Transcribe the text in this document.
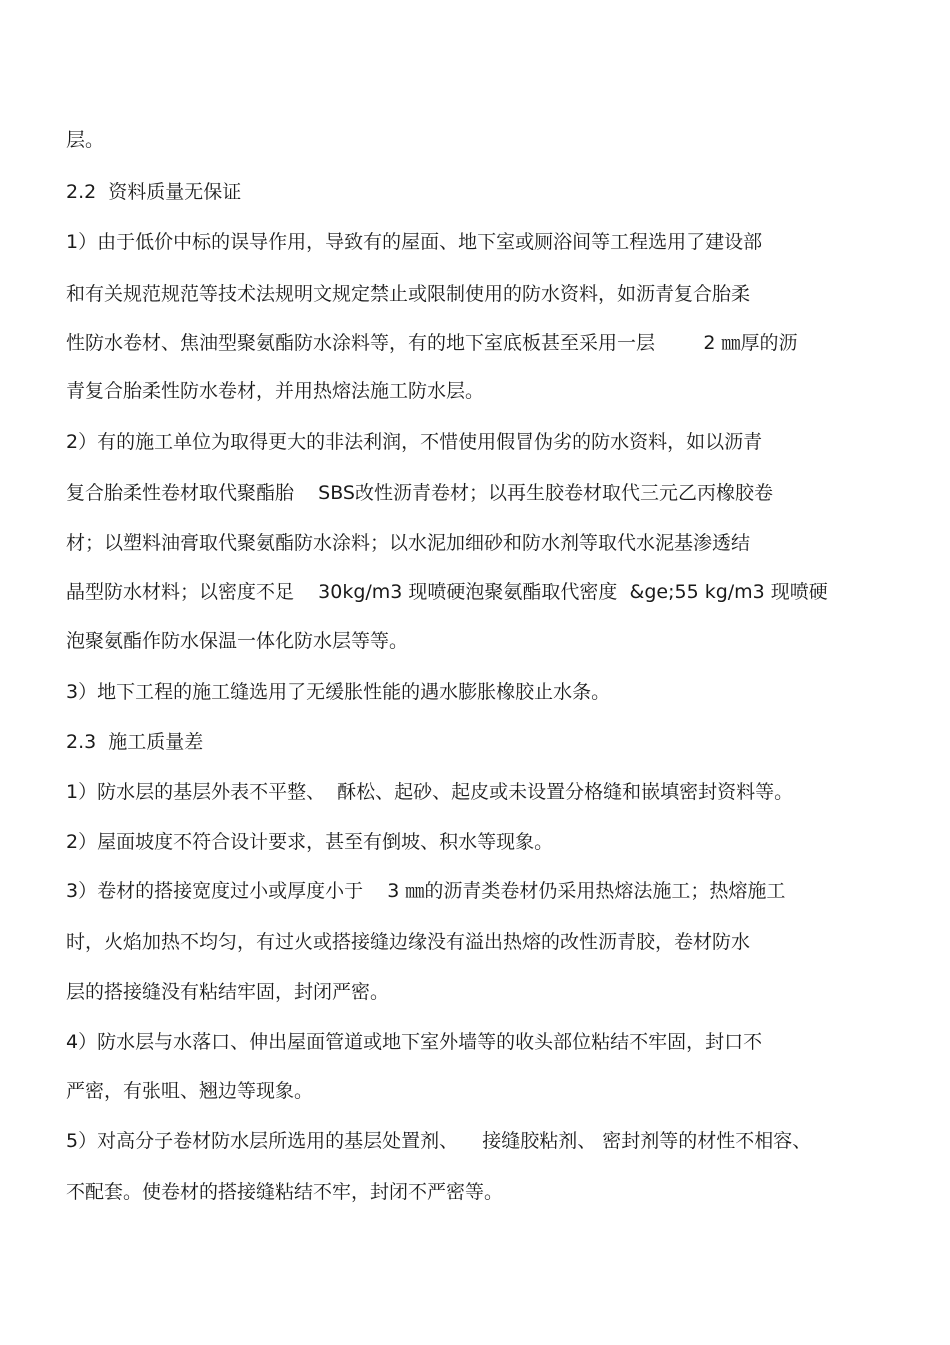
层。
2.2  资料质量无保证
1）由于低价中标的误导作用，导致有的屋面、地下室或厕浴间等工程选用了建设部
和有关规范规范等技术法规明文规定禁止或限制使用的防水资料，如沥青复合胎柔
性防水卷材、焦油型聚氨酯防水涂料等，有的地下室底板甚至采用一层        2 ㎜厚的沥
青复合胎柔性防水卷材，并用热熔法施工防水层。
2）有的施工单位为取得更大的非法利润，不惜使用假冒伪劣的防水资料，如以沥青
复合胎柔性卷材取代聚酯胎    SBS改性沥青卷材；以再生胶卷材取代三元乙丙橡胶卷
材；以塑料油膏取代聚氨酯防水涂料；以水泥加细砂和防水剂等取代水泥基渗透结
晶型防水材料；以密度不足    30kg/m3 现喷硬泡聚氨酯取代密度  &ge;55 kg/m3 现喷硬
泡聚氨酯作防水保温一体化防水层等等。
3）地下工程的施工缝选用了无缓胀性能的遇水膨胀橡胶止水条。
2.3  施工质量差
1）防水层的基层外表不平整、  酥松、起砂、起皮或未设置分格缝和嵌填密封资料等。
2）屋面坡度不符合设计要求，甚至有倒坡、积水等现象。
3）卷材的搭接宽度过小或厚度小于    3 ㎜的沥青类卷材仍采用热熔法施工；热熔施工
时，火焰加热不均匀，有过火或搭接缝边缘没有溢出热熔的改性沥青胶，卷材防水
层的搭接缝没有粘结牢固，封闭严密。
4）防水层与水落口、伸出屋面管道或地下室外墙等的收头部位粘结不牢固，封口不
严密，有张咀、翘边等现象。
5）对高分子卷材防水层所选用的基层处置剂、    接缝胶粘剂、 密封剂等的材性不相容、
不配套。使卷材的搭接缝粘结不牢，封闭不严密等。
